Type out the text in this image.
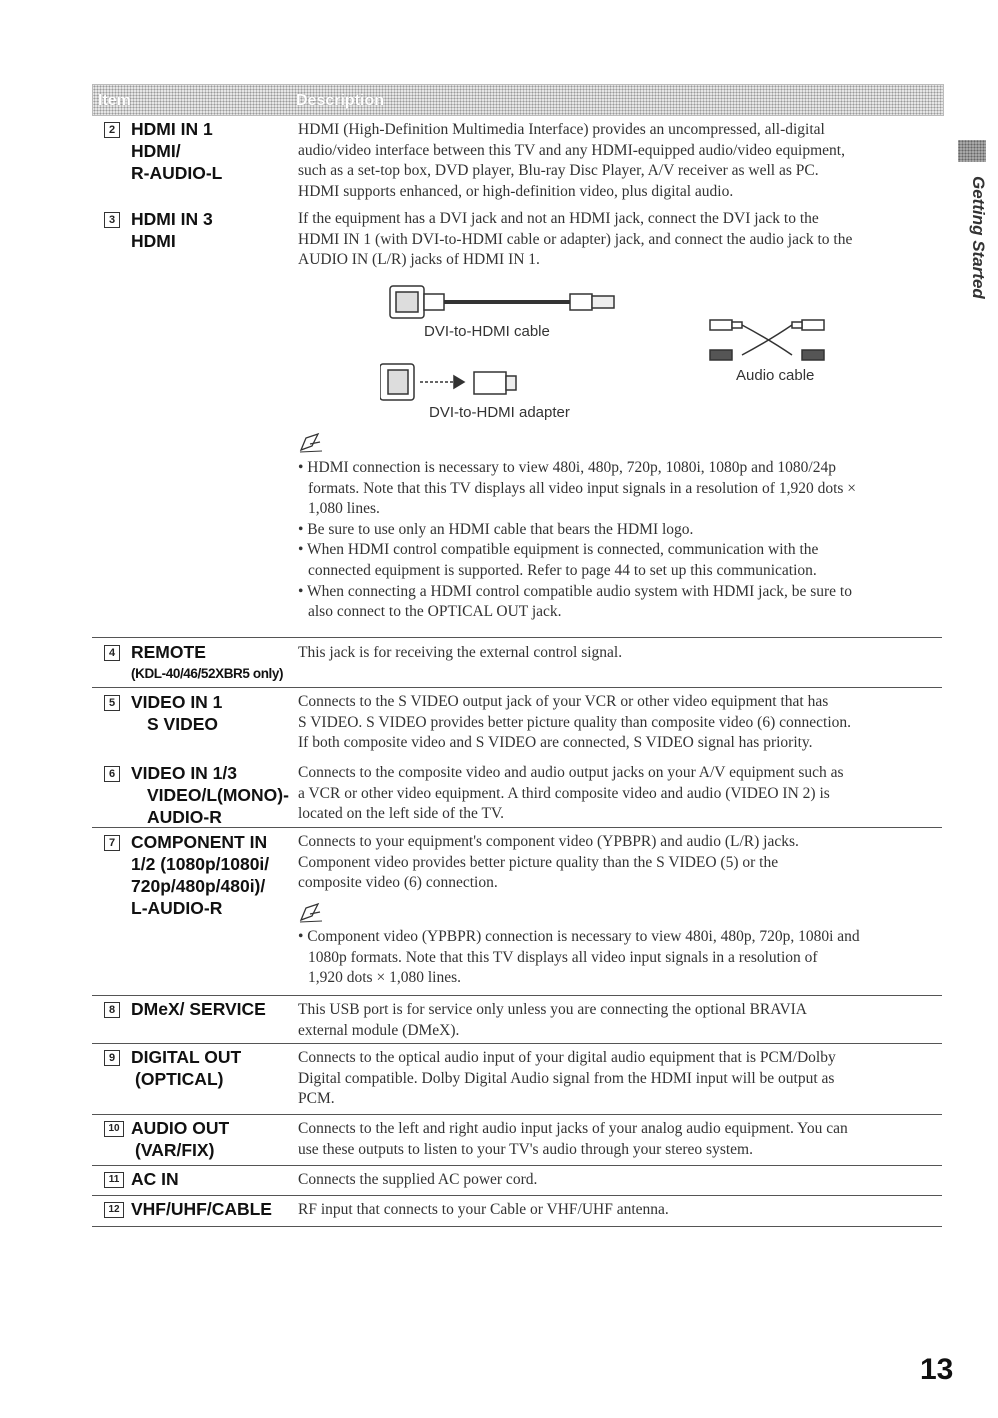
Item	Description
Getting Started
2 HDMI IN 1
HDMI/
R-AUDIO-L
HDMI (High-Definition Multimedia Interface) provides an uncompressed, all-digital
audio/video interface between this TV and any HDMI-equipped audio/video equipment,
such as a set-top box, DVD player, Blu-ray Disc Player, A/V receiver as well as PC.
HDMI supports enhanced, or high-definition video, plus digital audio.
3 HDMI IN 3
HDMI
If the equipment has a DVI jack and not an HDMI jack, connect the DVI jack to the
HDMI IN 1 (with DVI-to-HDMI cable or adapter) jack, and connect the audio jack to the
AUDIO IN (L/R) jacks of HDMI IN 1.
DVI-to-HDMI cable
Audio cable
DVI-to-HDMI adapter
• HDMI connection is necessary to view 480i, 480p, 720p, 1080i, 1080p and 1080/24p
formats. Note that this TV displays all video input signals in a resolution of 1,920 dots ×
1,080 lines.
• Be sure to use only an HDMI cable that bears the HDMI logo.
• When HDMI control compatible equipment is connected, communication with the
connected equipment is supported. Refer to page 44 to set up this communication.
• When connecting a HDMI control compatible audio system with HDMI jack, be sure to
also connect to the OPTICAL OUT jack.
4 REMOTE
(KDL-40/46/52XBR5 only)
This jack is for receiving the external control signal.
5 VIDEO IN 1
S VIDEO
Connects to the S VIDEO output jack of your VCR or other video equipment that has
S VIDEO. S VIDEO provides better picture quality than composite video (6) connection.
If both composite video and S VIDEO are connected, S VIDEO signal has priority.
6 VIDEO IN 1/3
VIDEO/L(MONO)-
AUDIO-R
Connects to the composite video and audio output jacks on your A/V equipment such as
a VCR or other video equipment. A third composite video and audio (VIDEO IN 2) is
located on the left side of the TV.
7 COMPONENT IN
1/2 (1080p/1080i/
720p/480p/480i)/
L-AUDIO-R
Connects to your equipment's component video (YPBPR) and audio (L/R) jacks.
Component video provides better picture quality than the S VIDEO (5) or the
composite video (6) connection.
• Component video (YPBPR) connection is necessary to view 480i, 480p, 720p, 1080i and
1080p formats. Note that this TV displays all video input signals in a resolution of
1,920 dots × 1,080 lines.
8 DMeX/ SERVICE This USB port is for service only unless you are connecting the optional BRAVIA
external module (DMeX).
9 DIGITAL OUT
(OPTICAL)
Connects to the optical audio input of your digital audio equipment that is PCM/Dolby
Digital compatible. Dolby Digital Audio signal from the HDMI input will be output as
PCM.
10 AUDIO OUT
(VAR/FIX)
Connects to the left and right audio input jacks of your analog audio equipment. You can
use these outputs to listen to your TV's audio through your stereo system.
11 AC IN	Connects the supplied AC power cord.
12 VHF/UHF/CABLE RF input that connects to your Cable or VHF/UHF antenna.
13
